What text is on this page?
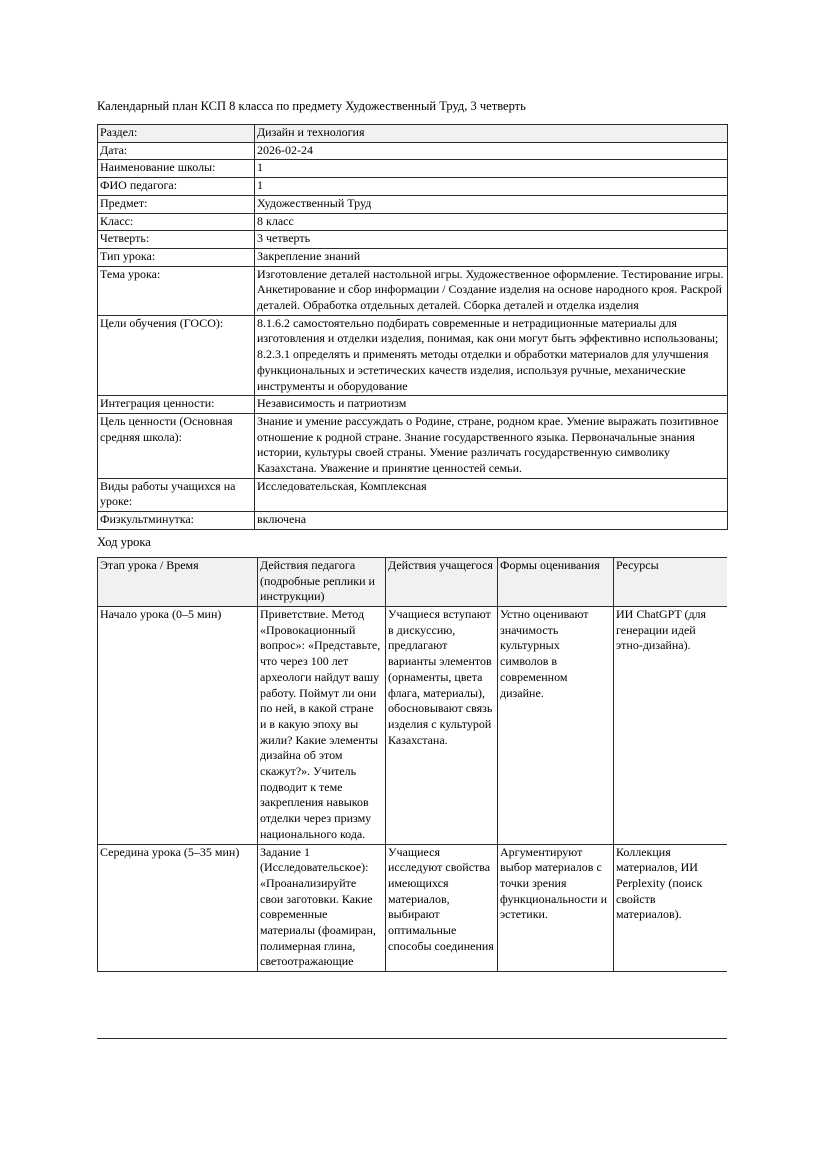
Календарный план КСП 8 класса по предмету Художественный Труд, 3 четверть

Раздел:	Дизайн и технология
Дата:	2026-02-24
Наименование школы:	1
ФИО педагога:	1
Предмет:	Художественный Труд
Класс:	8 класс
Четверть:	3 четверть
Тип урока:	Закрепление знаний
Тема урока:	Изготовление деталей настольной игры. Художественное оформление. Тестирование игры. Анкетирование и сбор информации / Создание изделия на основе народного кроя. Раскрой деталей. Обработка отдельных деталей. Сборка деталей и отделка изделия
Цели обучения (ГОСО):	8.1.6.2 самостоятельно подбирать современные и нетрадиционные материалы для изготовления и отделки изделия, понимая, как они могут быть эффективно использованы; 8.2.3.1 определять и применять методы отделки и обработки материалов для улучшения функциональных и эстетических качеств изделия, используя ручные, механические инструменты и оборудование
Интеграция ценности:	Независимость и патриотизм
Цель ценности (Основная средняя школа):	Знание и умение рассуждать о Родине, стране, родном крае. Умение выражать позитивное отношение к родной стране. Знание государственного языка. Первоначальные знания истории, культуры своей страны. Умение различать государственную символику Казахстана. Уважение и принятие ценностей семьи.
Виды работы учащихся на уроке:	Исследовательская, Комплексная
Физкультминутка:	включена

Ход урока

Этап урока / Время	Действия педагога (подробные реплики и инструкции)	Действия учащегося	Формы оценивания	Ресурсы
Начало урока (0–5 мин)	Приветствие. Метод «Провокационный вопрос»: «Представьте, что через 100 лет археологи найдут вашу работу. Поймут ли они по ней, в какой стране и в какую эпоху вы жили? Какие элементы дизайна об этом скажут?». Учитель подводит к теме закрепления навыков отделки через призму национального кода.	Учащиеся вступают в дискуссию, предлагают варианты элементов (орнаменты, цвета флага, материалы), обосновывают связь изделия с культурой Казахстана.	Устно оценивают значимость культурных символов в современном дизайне.	ИИ ChatGPT (для генерации идей этно-дизайна).
Середина урока (5–35 мин)	Задание 1 (Исследовательское): «Проанализируйте свои заготовки. Какие современные материалы (фоамиран, полимерная глина, светоотражающие	Учащиеся исследуют свойства имеющихся материалов, выбирают оптимальные способы соединения	Аргументируют выбор материалов с точки зрения функциональности и эстетики.	Коллекция материалов, ИИ Perplexity (поиск свойств материалов).
